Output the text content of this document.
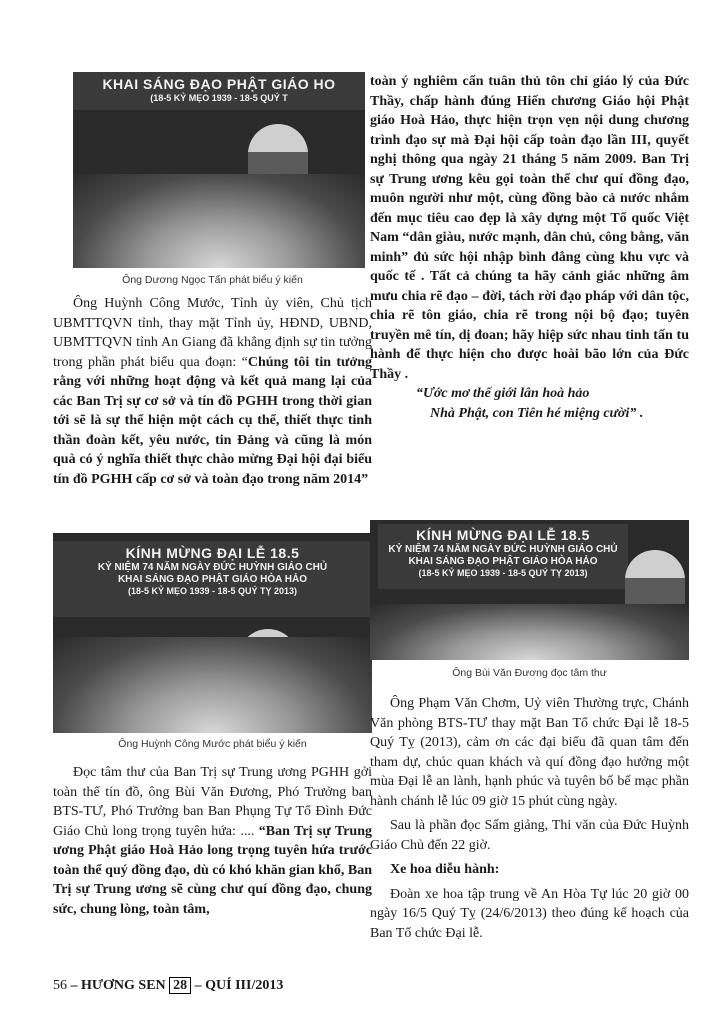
KHAI SÁNG ĐẠO PHẬT GIÁO HO
(18-5 KỶ MẸO 1939 - 18-5 QUÝ T
Ông Dương Ngọc Tấn phát biểu ý kiến

Ông Huỳnh Công Mước, Tỉnh ủy viên, Chủ tịch UBMTTQVN tỉnh, thay mặt Tỉnh ủy, HĐND, UBND, UBMTTQVN tỉnh An Giang đã khẳng định sự tin tưởng trong phần phát biểu qua đoạn: “Chúng tôi tin tưởng rằng với những hoạt động và kết quả mang lại của các Ban Trị sự cơ sở và tín đồ PGHH trong thời gian tới sẽ là sự thể hiện một cách cụ thể, thiết thực tinh thần đoàn kết, yêu nước, tin Đảng và cũng là món quà có ý nghĩa thiết thực chào mừng Đại hội đại biểu tín đồ PGHH cấp cơ sở và toàn đạo trong năm 2014”

KÍNH MỪNG ĐẠI LỄ 18.5
KỶ NIỆM 74 NĂM NGÀY ĐỨC HUỲNH GIÁO CHỦ
KHAI SÁNG ĐẠO PHẬT GIÁO HÒA HẢO
(18-5 KỶ MẸO 1939 - 18-5 QUÝ TỴ 2013)
Ông Huỳnh Công Mước phát biểu ý kiến

Đọc tâm thư của Ban Trị sự Trung ương PGHH gởi toàn thể tín đồ, ông Bùi Văn Đương, Phó Trưởng ban BTS-TƯ, Phó Trưởng ban Ban Phụng Tự Tổ Đình Đức Giáo Chủ long trọng tuyên hứa: .... “Ban Trị sự Trung ương Phật giáo Hoà Hảo long trọng tuyên hứa trước toàn thể quý đồng đạo, dù có khó khăn gian khổ, Ban Trị sự Trung ương sẽ cùng chư quí đồng đạo, chung sức, chung lòng, toàn tâm,

toàn ý nghiêm cẩn tuân thủ tôn chỉ giáo lý của Đức Thầy, chấp hành đúng Hiến chương Giáo hội Phật giáo Hoà Hảo, thực hiện trọn vẹn nội dung chương trình đạo sự mà Đại hội cấp toàn đạo lần III, quyết nghị thông qua ngày 21 tháng 5 năm 2009. Ban Trị sự Trung ương kêu gọi toàn thể chư quí đồng đạo, muôn người như một, cùng đồng bào cả nước nhắm đến mục tiêu cao đẹp là xây dựng một Tổ quốc Việt Nam “dân giàu, nước mạnh, dân chủ, công bằng, văn minh” đủ sức hội nhập bình đẳng cùng khu vực và quốc tế . Tất cả chúng ta hãy cảnh giác những âm mưu chia rẽ đạo – đời, tách rời đạo pháp với dân tộc, chia rẽ tôn giáo, chia rẽ trong nội bộ đạo; tuyên truyền mê tín, dị đoan; hãy hiệp sức nhau tinh tấn tu hành để thực hiện cho được hoài bão lớn của Đức Thầy .

“Ước mơ thế giới lân hoà hảo

Nhà Phật, con Tiên hé miệng cười” .

KÍNH MỪNG ĐẠI LỄ 18.5
KỶ NIỆM 74 NĂM NGÀY ĐỨC HUỲNH GIÁO CHỦ
KHAI SÁNG ĐẠO PHẬT GIÁO HÒA HẢO
(18-5 KỶ MẸO 1939 - 18-5 QUÝ TỴ 2013)
Ông Bùi Văn Đương đọc tâm thư

Ông Phạm Văn Chơm, Uỷ viên Thường trực, Chánh Văn phòng BTS-TƯ thay mặt Ban Tổ chức Đại lễ 18-5 Quý Tỵ (2013), cảm ơn các đại biểu đã quan tâm đến tham dự, chúc quan khách và quí đồng đạo hưởng một mùa Đại lễ an lành, hạnh phúc và tuyên bố bế mạc phần hành chánh lễ lúc 09 giờ 15 phút cùng ngày.

Sau là phần đọc Sấm giảng, Thi văn của Đức Huỳnh Giáo Chủ đến 22 giờ.

Xe hoa diễu hành:

Đoàn xe hoa tập trung về An Hòa Tự lúc 20 giờ 00 ngày 16/5 Quý Tỵ (24/6/2013) theo đúng kế hoạch của Ban Tổ chức Đại lễ.

56 – HƯƠNG SEN 28 – QUÍ III/2013
